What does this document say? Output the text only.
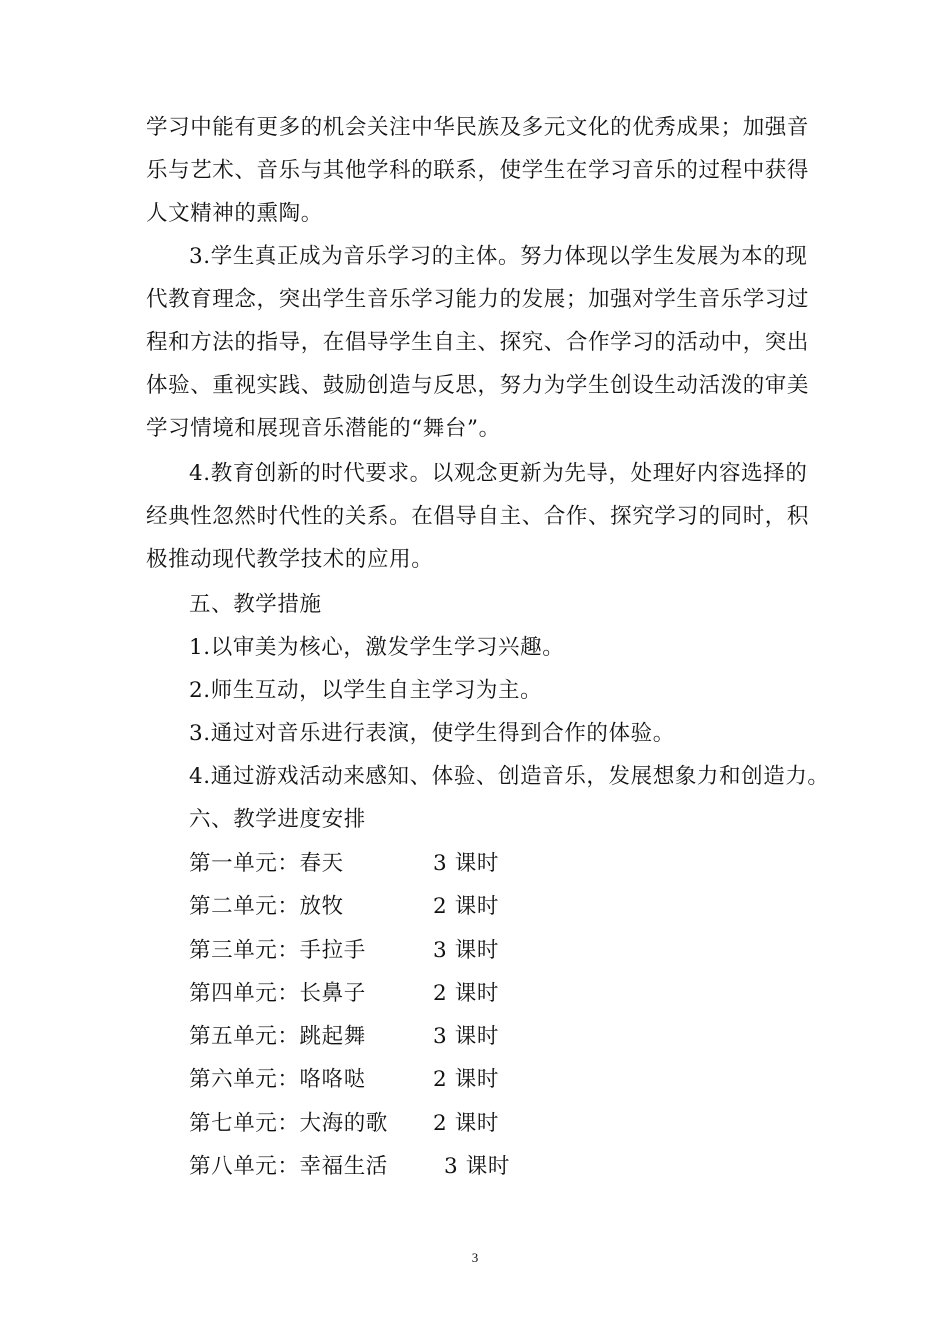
学习中能有更多的机会关注中华民族及多元文化的优秀成果；加强音
乐与艺术、音乐与其他学科的联系，使学生在学习音乐的过程中获得
人文精神的熏陶。
3.学生真正成为音乐学习的主体。努力体现以学生发展为本的现
代教育理念，突出学生音乐学习能力的发展；加强对学生音乐学习过
程和方法的指导，在倡导学生自主、探究、合作学习的活动中，突出
体验、重视实践、鼓励创造与反思，努力为学生创设生动活泼的审美
学习情境和展现音乐潜能的“舞台”。
4.教育创新的时代要求。以观念更新为先导，处理好内容选择的
经典性忽然时代性的关系。在倡导自主、合作、探究学习的同时，积
极推动现代教学技术的应用。
五、教学措施
1.以审美为核心，激发学生学习兴趣。
2.师生互动，以学生自主学习为主。
3.通过对音乐进行表演，使学生得到合作的体验。
4.通过游戏活动来感知、体验、创造音乐，发展想象力和创造力。
六、教学进度安排
第一单元：春天	3 课时
第二单元：放牧	2 课时
第三单元：手拉手	3 课时
第四单元：长鼻子	2 课时
第五单元：跳起舞	3 课时
第六单元：咯咯哒	2 课时
第七单元：大海的歌 2 课时
第八单元：幸福生活	3 课时
3
